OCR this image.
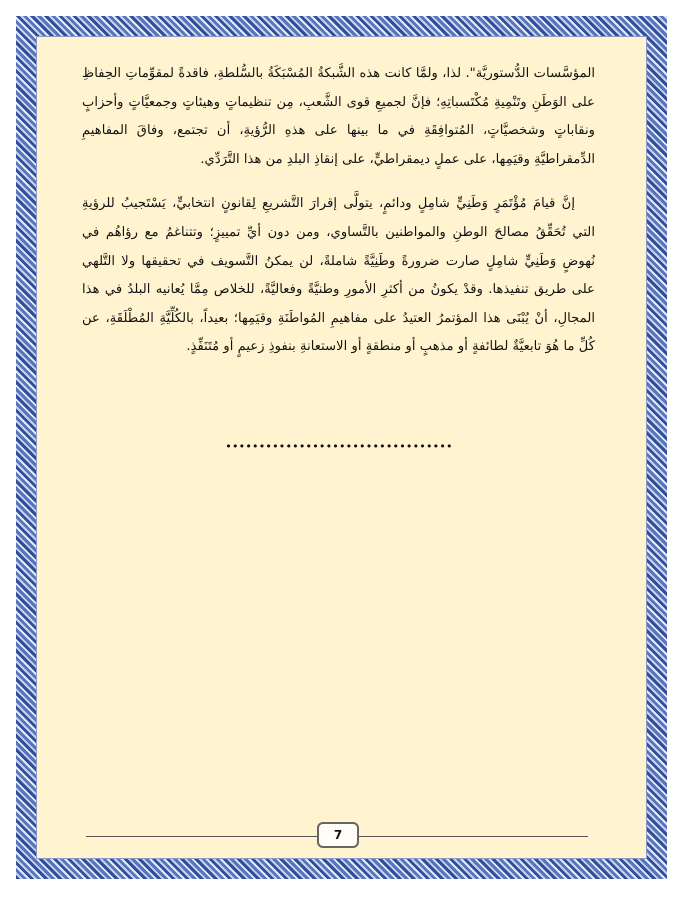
المؤسَّسات الدُّستوريَّة". لذا، ولمَّا كانت هذه الشَّبكةُ المُسْبَكَةُ بالسُّلطةِ، فاقدةً لمقوِّماتِ الحِفاظِ على الوَطَنِ وتَنْمِيةِ مُكْتَسباتِهِ؛ فإنَّ لجميعِ قوى الشَّعبِ، مِن تنظيماتٍ وهيئاتٍ وجمعيَّاتٍ وأحزابٍ ونقاباتٍ وشخصيَّاتٍ، المُتوافِقَةِ في ما بينها على هذهِ الرُّؤيةِ، أن تجتمع، وفاقَ المفاهيمِ الدِّمقراطيَّةِ وقيَمِها، على عملٍ ديمقراطيٍّ، على إنقاذِ البلدِ من هذا التَّرَدِّي.

إنَّ قيامَ مُؤْتَمَرٍ وَطَنِيٍّ شامِلٍ ودائمٍ، يتولَّى إقرارَ التَّشريعِ لِقانونٍ انتخابيٍّ، يَسْتَجيبُ للرؤيةِ التي تُحَقِّقُ مصالحَ الوطنِ والمواطنين بالتَّساوي، ومن دون أيِّ تمييزٍ؛ وتتناغمُ مع رؤاهُم في نُهوضٍ وَطَنِيٍّ شامِلٍ صارت ضرورةً وطَنِيَّةً شاملةً، لن يمكنُ التَّسويف في تحقيقها ولا التَّلهي على طريق تنفيذها. وقدْ يكونُ من أكثرِ الأمورِ وطنيَّةً وفعاليَّةً، للخلاص مِمَّا يُعانيه البلدُ في هذا المجالِ، أنْ يُبْنَى هذا المؤتمرُ العتيدُ على مفاهيمِ المُواطَنَةِ وقيَمِها؛ بعيداً، بالكُلِّيَّةِ المُطْلَقَةِ، عن كُلِّ ما هُوَ تابعيَّةٌ لطائفةٍ أو مذهبٍ أو منطقةٍ أو الاستعانةِ بنفوذِ زعيمٍ أو مُتَنَفِّذٍ.

••••••••••••••••••••••••••••••••••
7
